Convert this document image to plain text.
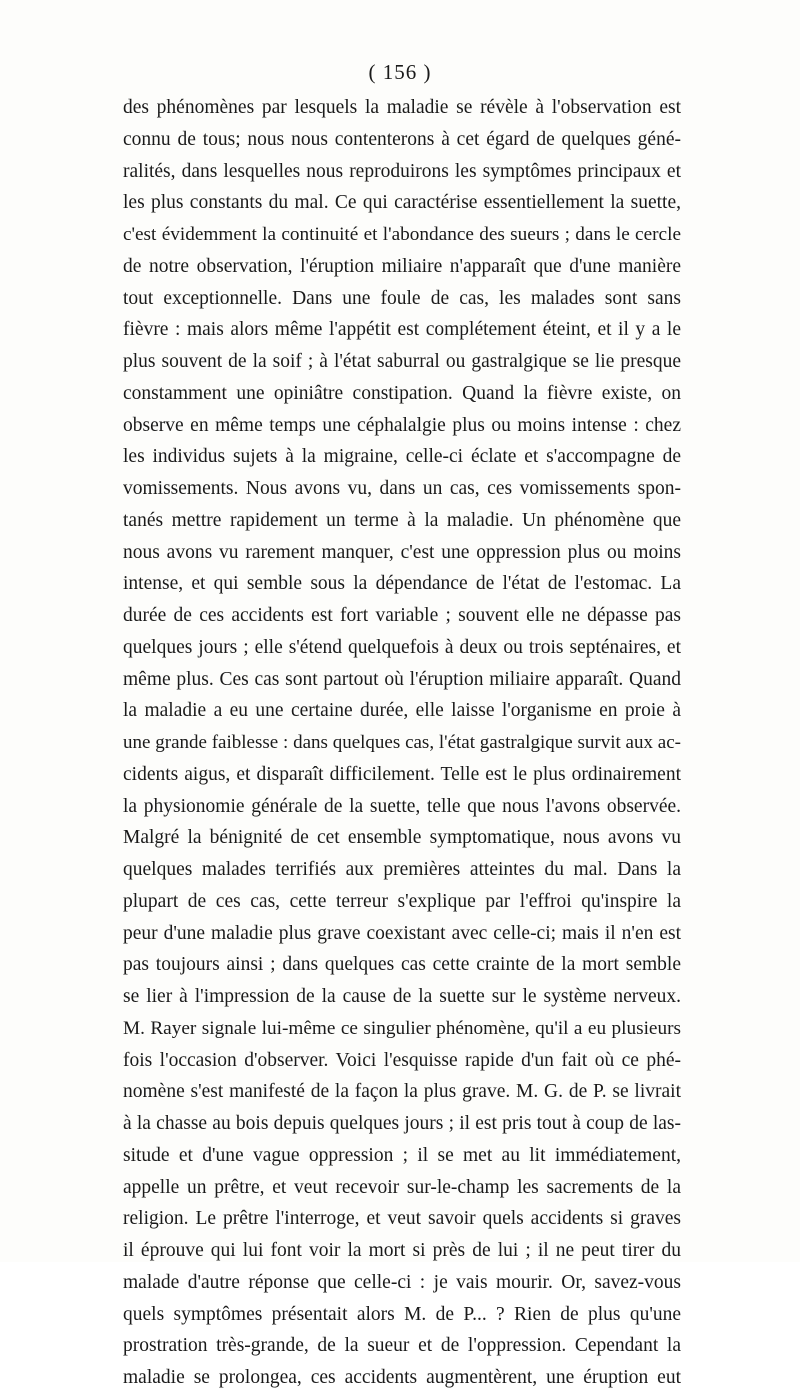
( 156 )
des phénomènes par lesquels la maladie se révèle à l'observation est
connu de tous; nous nous contenterons à cet égard de quelques géné-
ralités, dans lesquelles nous reproduirons les symptômes principaux et
les plus constants du mal. Ce qui caractérise essentiellement la suette,
c'est évidemment la continuité et l'abondance des sueurs ; dans le cercle
de notre observation, l'éruption miliaire n'apparaît que d'une manière
tout exceptionnelle. Dans une foule de cas, les malades sont sans
fièvre : mais alors même l'appétit est complétement éteint, et il y a le
plus souvent de la soif ; à l'état saburral ou gastralgique se lie presque
constamment une opiniâtre constipation. Quand la fièvre existe, on
observe en même temps une céphalalgie plus ou moins intense : chez
les individus sujets à la migraine, celle-ci éclate et s'accompagne de
vomissements. Nous avons vu, dans un cas, ces vomissements spon-
tanés mettre rapidement un terme à la maladie. Un phénomène que
nous avons vu rarement manquer, c'est une oppression plus ou moins
intense, et qui semble sous la dépendance de l'état de l'estomac. La
durée de ces accidents est fort variable ; souvent elle ne dépasse pas
quelques jours ; elle s'étend quelquefois à deux ou trois septénaires, et
même plus. Ces cas sont partout où l'éruption miliaire apparaît. Quand
la maladie a eu une certaine durée, elle laisse l'organisme en proie à
une grande faiblesse : dans quelques cas, l'état gastralgique survit aux ac-
cidents aigus, et disparaît difficilement. Telle est le plus ordinairement
la physionomie générale de la suette, telle que nous l'avons observée.
Malgré la bénignité de cet ensemble symptomatique, nous avons vu
quelques malades terrifiés aux premières atteintes du mal. Dans la
plupart de ces cas, cette terreur s'explique par l'effroi qu'inspire la
peur d'une maladie plus grave coexistant avec celle-ci; mais il n'en est
pas toujours ainsi ; dans quelques cas cette crainte de la mort semble
se lier à l'impression de la cause de la suette sur le système nerveux.
M. Rayer signale lui-même ce singulier phénomène, qu'il a eu plusieurs
fois l'occasion d'observer. Voici l'esquisse rapide d'un fait où ce phé-
nomène s'est manifesté de la façon la plus grave. M. G. de P. se livrait
à la chasse au bois depuis quelques jours ; il est pris tout à coup de las-
situde et d'une vague oppression ; il se met au lit immédiatement,
appelle un prêtre, et veut recevoir sur-le-champ les sacrements de la
religion. Le prêtre l'interroge, et veut savoir quels accidents si graves
il éprouve qui lui font voir la mort si près de lui ; il ne peut tirer du
malade d'autre réponse que celle-ci : je vais mourir. Or, savez-vous
quels symptômes présentait alors M. de P... ? Rien de plus qu'une
prostration très-grande, de la sueur et de l'oppression. Cependant la
maladie se prolongea, ces accidents augmentèrent, une éruption eut
